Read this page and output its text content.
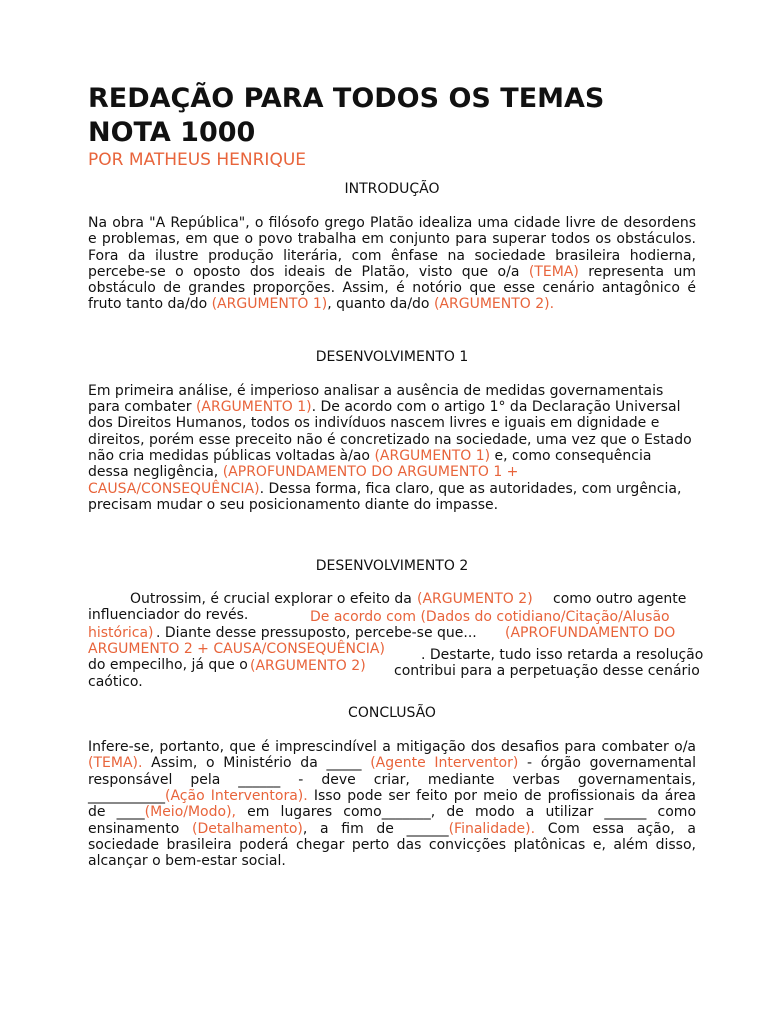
REDAÇÃO PARA TODOS OS TEMAS
NOTA 1000

POR MATHEUS HENRIQUE

INTRODUÇÃO

Na obra "A República", o filósofo grego Platão idealiza uma cidade livre de desordens e problemas, em que o povo trabalha em conjunto para superar todos os obstáculos. Fora da ilustre produção literária, com ênfase na sociedade brasileira hodierna, percebe-se o oposto dos ideais de Platão, visto que o/a (TEMA) representa um obstáculo de grandes proporções. Assim, é notório que esse cenário antagônico é fruto tanto da/do (ARGUMENTO 1), quanto da/do (ARGUMENTO 2).

DESENVOLVIMENTO 1

Em primeira análise, é imperioso analisar a ausência de medidas governamentais para combater (ARGUMENTO 1). De acordo com o artigo 1° da Declaração Universal dos Direitos Humanos, todos os indivíduos nascem livres e iguais em dignidade e direitos, porém esse preceito não é concretizado na sociedade, uma vez que o Estado não cria medidas públicas voltadas à/ao (ARGUMENTO 1) e, como consequência dessa negligência, (APROFUNDAMENTO DO ARGUMENTO 1 + CAUSA/CONSEQUÊNCIA). Dessa forma, fica claro, que as autoridades, com urgência, precisam mudar o seu posicionamento diante do impasse.

DESENVOLVIMENTO 2

Outrossim, é crucial explorar o efeito da (ARGUMENTO 2) como outro agente
influenciador do revés.	De acordo com (Dados do cotidiano/Citação/Alusão
histórica) . Diante desse pressuposto, percebe-se que... (APROFUNDAMENTO DO
ARGUMENTO 2 + CAUSA/CONSEQUÊNCIA)	. Destarte, tudo isso retarda a resolução
do empecilho, já que o (ARGUMENTO 2) contribui para a perpetuação desse cenário
caótico.

CONCLUSÃO

Infere-se, portanto, que é imprescindível a mitigação dos desafios para combater o/a (TEMA). Assim, o Ministério da _____ (Agente Interventor) - órgão governamental responsável pela ______ - deve criar, mediante verbas governamentais, ___________(Ação Interventora). Isso pode ser feito por meio de profissionais da área de ____(Meio/Modo), em lugares como_______, de modo a utilizar ______ como ensinamento (Detalhamento), a fim de ______(Finalidade). Com essa ação, a sociedade brasileira poderá chegar perto das convicções platônicas e, além disso, alcançar o bem-estar social.
